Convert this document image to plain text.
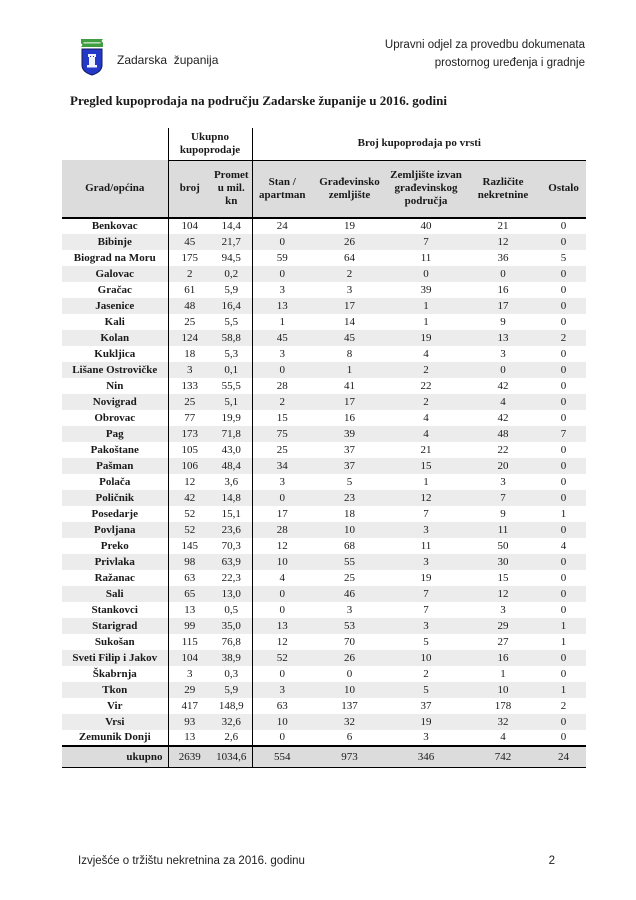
Zadarska  županija
Upravni odjel za provedbu dokumenata
prostornog uređenja i gradnje
Pregled kupoprodaja na području Zadarske županije u 2016. godini
	Ukupno kupoprodaje		Broj kupoprodaja po vrsti				
Grad/općina	broj	Promet u mil. kn	Stan / apartman	Građevinsko zemljište	Zemljište izvan građevinskog područja	Različite nekretnine	Ostalo
Benkovac	104	14,4	24	19	40	21	0
Bibinje	45	21,7	0	26	7	12	0
Biograd na Moru	175	94,5	59	64	11	36	5
Galovac	2	0,2	0	2	0	0	0
Gračac	61	5,9	3	3	39	16	0
Jasenice	48	16,4	13	17	1	17	0
Kali	25	5,5	1	14	1	9	0
Kolan	124	58,8	45	45	19	13	2
Kukljica	18	5,3	3	8	4	3	0
Lišane Ostrovičke	3	0,1	0	1	2	0	0
Nin	133	55,5	28	41	22	42	0
Novigrad	25	5,1	2	17	2	4	0
Obrovac	77	19,9	15	16	4	42	0
Pag	173	71,8	75	39	4	48	7
Pakoštane	105	43,0	25	37	21	22	0
Pašman	106	48,4	34	37	15	20	0
Polača	12	3,6	3	5	1	3	0
Poličnik	42	14,8	0	23	12	7	0
Posedarje	52	15,1	17	18	7	9	1
Povljana	52	23,6	28	10	3	11	0
Preko	145	70,3	12	68	11	50	4
Privlaka	98	63,9	10	55	3	30	0
Ražanac	63	22,3	4	25	19	15	0
Sali	65	13,0	0	46	7	12	0
Stankovci	13	0,5	0	3	7	3	0
Starigrad	99	35,0	13	53	3	29	1
Sukošan	115	76,8	12	70	5	27	1
Sveti Filip i Jakov	104	38,9	52	26	10	16	0
Škabrnja	3	0,3	0	0	2	1	0
Tkon	29	5,9	3	10	5	10	1
Vir	417	148,9	63	137	37	178	2
Vrsi	93	32,6	10	32	19	32	0
Zemunik Donji	13	2,6	0	6	3	4	0
ukupno	2639	1034,6	554	973	346	742	24
Izvješće o tržištu nekretnina za 2016. godinu	2
